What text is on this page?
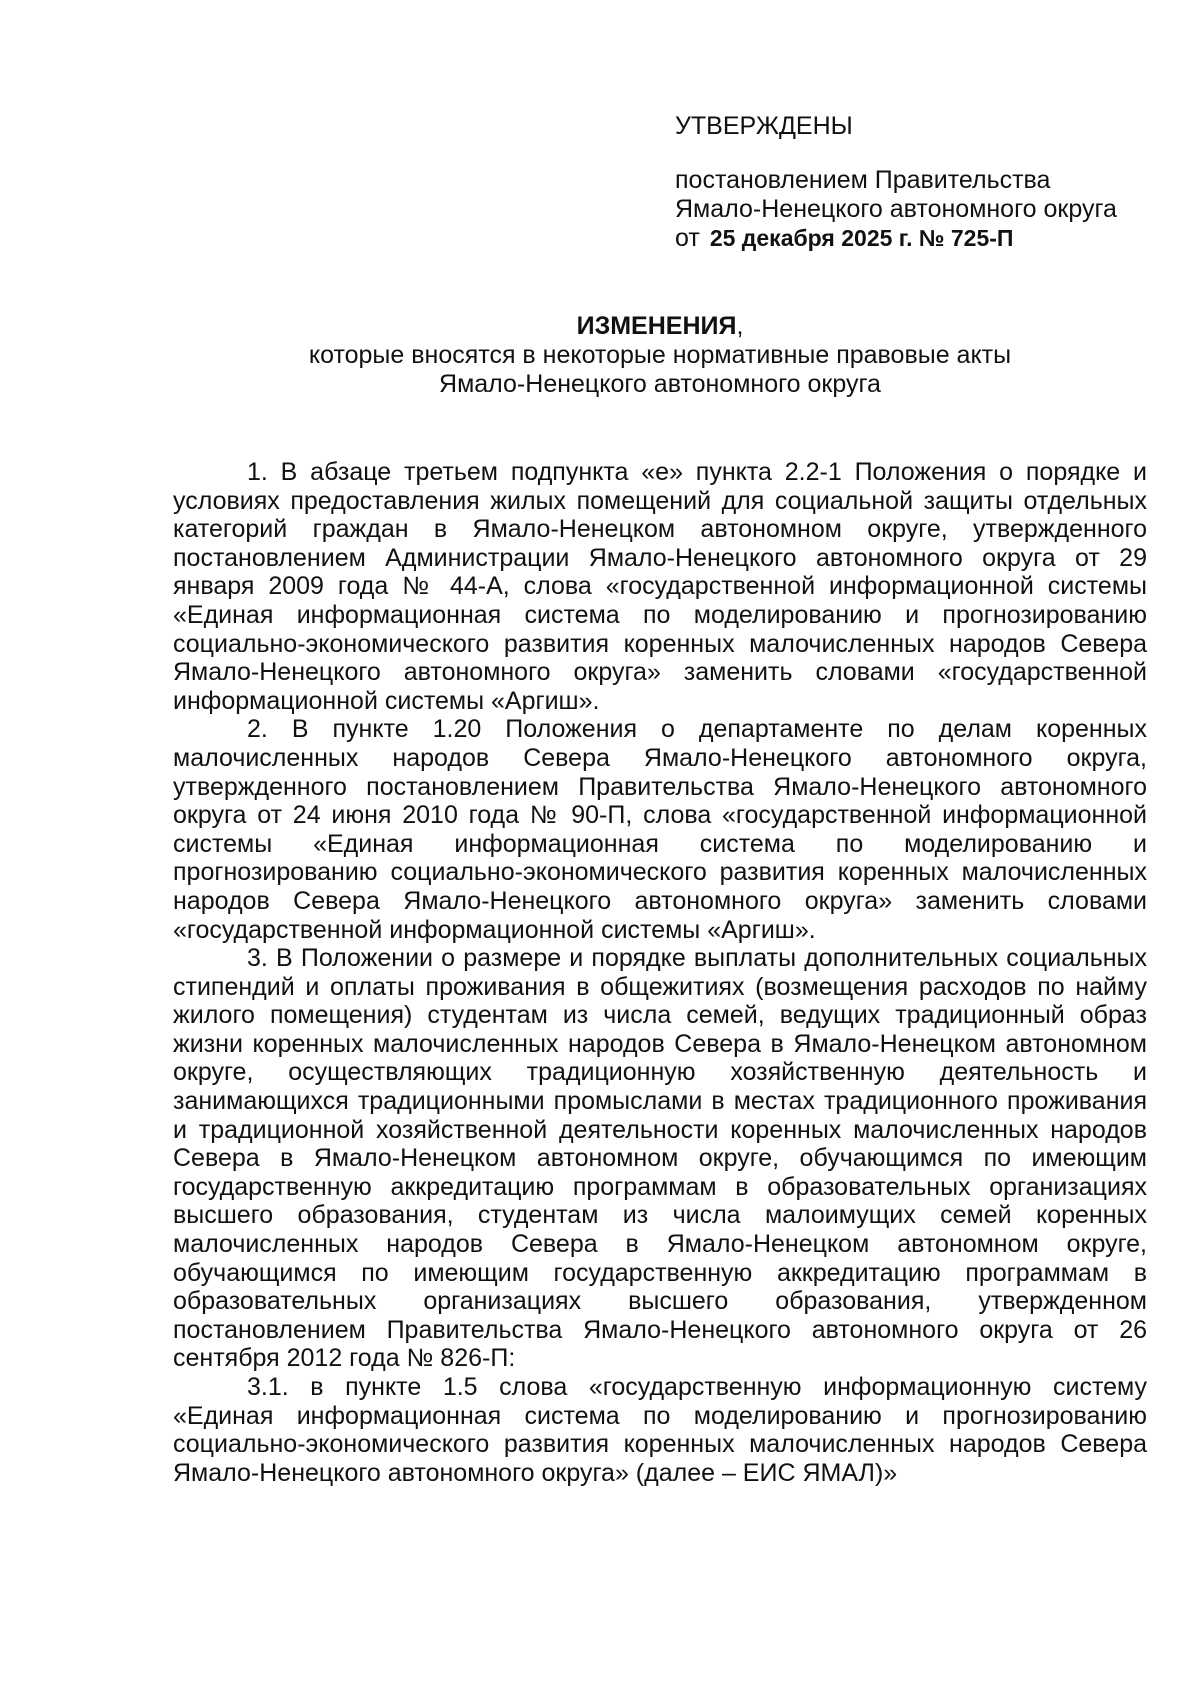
УТВЕРЖДЕНЫ
постановлением Правительства
Ямало-Ненецкого автономного округа
от 25 декабря 2025 г. № 725-П
ИЗМЕНЕНИЯ,
которые вносятся в некоторые нормативные правовые акты
Ямало-Ненецкого автономного округа

1. В абзаце третьем подпункта «е» пункта 2.2-1 Положения о порядке и условиях предоставления жилых помещений для социальной защиты отдельных категорий граждан в Ямало-Ненецком автономном округе, утвержденного постановлением Администрации Ямало-Ненецкого автономного округа от 29 января 2009 года № 44-А, слова «государственной информационной системы «Единая информационная система по моделированию и прогнозированию социально-экономического развития коренных малочисленных народов Севера Ямало-Ненецкого автономного округа» заменить словами «государственной информационной системы «Аргиш».

2. В пункте 1.20 Положения о департаменте по делам коренных малочисленных народов Севера Ямало-Ненецкого автономного округа, утвержденного постановлением Правительства Ямало-Ненецкого автономного округа от 24 июня 2010 года № 90-П, слова «государственной информационной системы «Единая информационная система по моделированию и прогнозированию социально-экономического развития коренных малочисленных народов Севера Ямало-Ненецкого автономного округа» заменить словами «государственной информационной системы «Аргиш».

3. В Положении о размере и порядке выплаты дополнительных социальных стипендий и оплаты проживания в общежитиях (возмещения расходов по найму жилого помещения) студентам из числа семей, ведущих традиционный образ жизни коренных малочисленных народов Севера в Ямало-Ненецком автономном округе, осуществляющих традиционную хозяйственную деятельность и занимающихся традиционными промыслами в местах традиционного проживания и традиционной хозяйственной деятельности коренных малочисленных народов Севера в Ямало-Ненецком автономном округе, обучающимся по имеющим государственную аккредитацию программам в образовательных организациях высшего образования, студентам из числа малоимущих семей коренных малочисленных народов Севера в Ямало-Ненецком автономном округе, обучающимся по имеющим государственную аккредитацию программам в образовательных организациях высшего образования, утвержденном постановлением Правительства Ямало-Ненецкого автономного округа от 26 сентября 2012 года № 826-П:

3.1. в пункте 1.5 слова «государственную информационную систему «Единая информационная система по моделированию и прогнозированию социально-экономического развития коренных малочисленных народов Севера Ямало-Ненецкого автономного округа» (далее – ЕИС ЯМАЛ)»
